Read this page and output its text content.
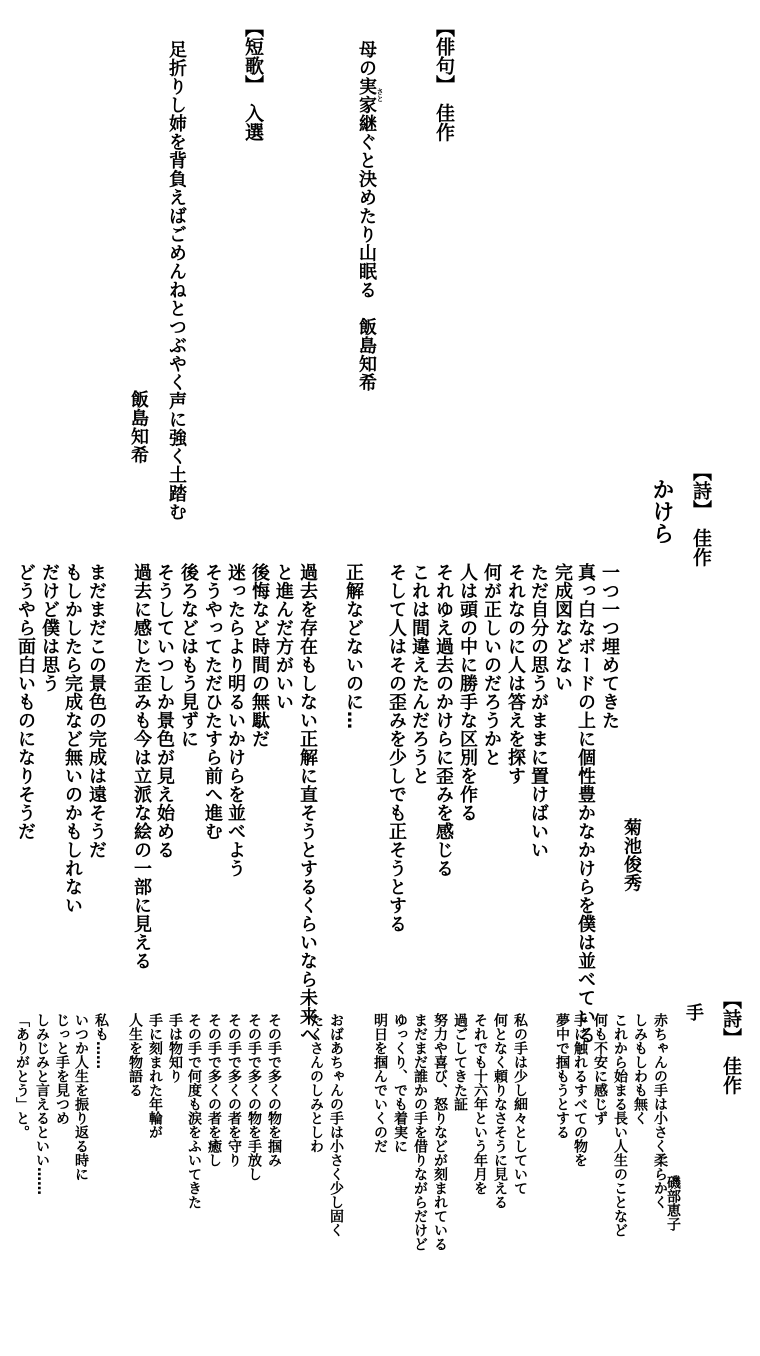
【俳句】　佳作
母の実家継ぐと決めたり山眠る　飯島知希 さと
【短歌】　入選
足折りし姉を背負えばごめんねとつぶやく声に強く土踏む
飯島知希
【詩】　佳作
かけら
菊池俊秀
一つ一つ埋めてきた
真っ白なボードの上に個性豊かなかけらを僕は並べている
完成図などない
ただ自分の思うがままに置けばいい
それなのに人は答えを探す
何が正しいのだろうかと
人は頭の中に勝手な区別を作る
それゆえ過去のかけらに歪みを感じる
これは間違えたんだろうと
そして人はその歪みを少しでも正そうとする
正解などないのに…
過去を存在もしない正解に直そうとするくらいなら未来へ
と進んだ方がいい
後悔など時間の無駄だ
迷ったらより明るいかけらを並べよう
そうやってただひたすら前へ進む
後ろなどはもう見ずに
そうしていつしか景色が見え始める
過去に感じた歪みも今は立派な絵の一部に見える
まだまだこの景色の完成は遠そうだ
もしかしたら完成など無いのかもしれない
だけど僕は思う
どうやら面白いものになりそうだ
【詩】　佳作
手
磯部恵子
赤ちゃんの手は小さく柔らかく
しみもしわも無く
これから始まる長い人生のことなど
何も不安に感じず
手に触れるすべての物を
夢中で掴もうとする
私の手は少し細々としていて
何となく頼りなさそうに見える
それでも十六年という年月を
過ごしてきた証
努力や喜び、怒りなどが刻まれている
まだまだ誰かの手を借りながらだけど
ゆっくり、でも着実に
明日を掴んでいくのだ
おばあちゃんの手は小さく少し固く
たくさんのしみとしわ
その手で多くの物を掴み
その手で多くの物を手放し
その手で多くの者を守り
その手で多くの者を癒し
その手で何度も涙をふいてきた
手は物知り
手に刻まれた年輪が
人生を物語る
私も……
いつか人生を振り返る時に
じっと手を見つめ
しみじみと言えるといい……
「ありがとう」と。
